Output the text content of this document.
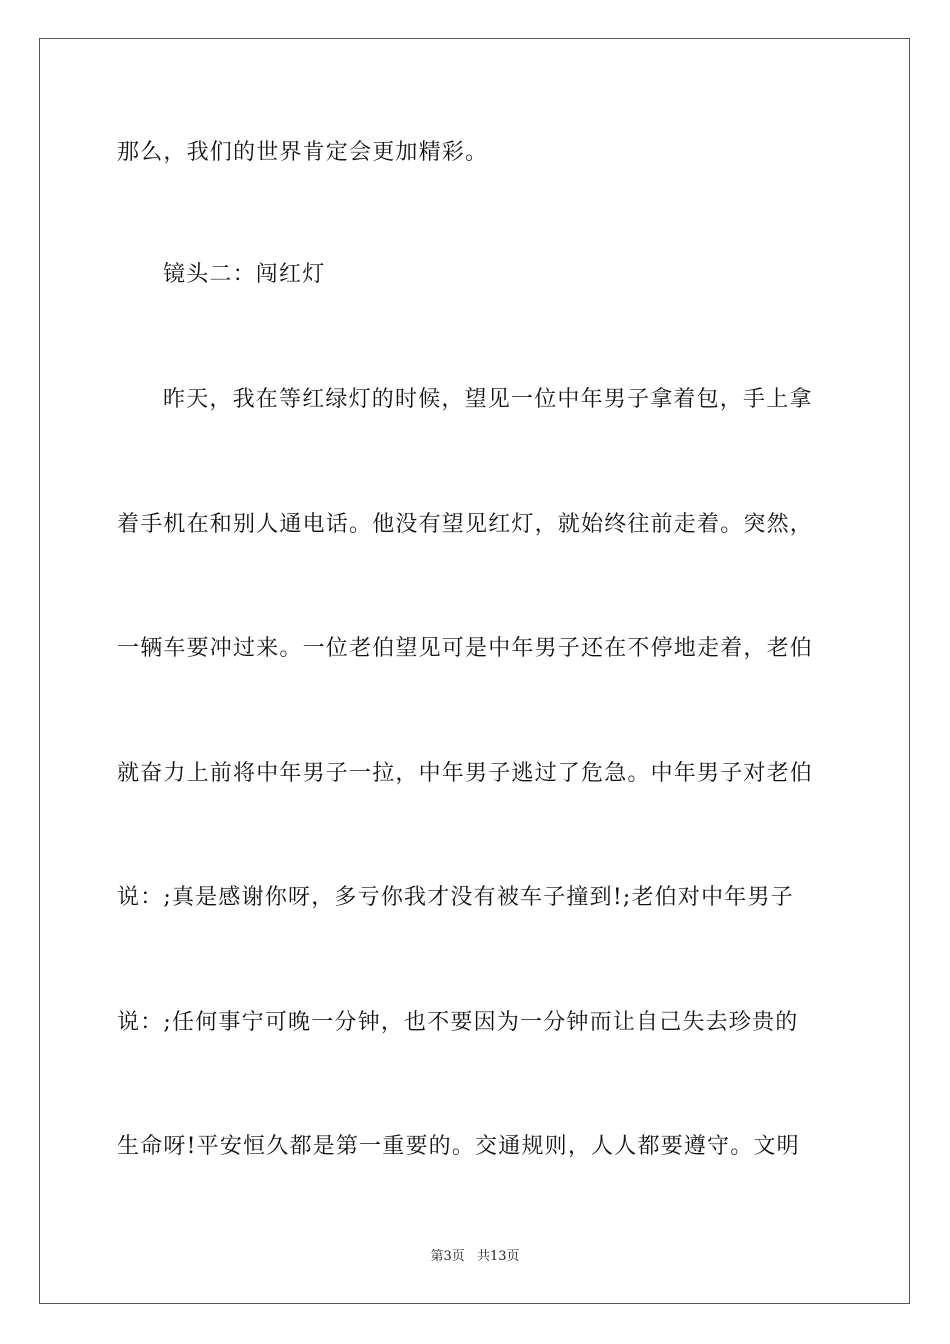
那么，我们的世界肯定会更加精彩。
镜头二：闯红灯
昨天，我在等红绿灯的时候，望见一位中年男子拿着包，手上拿
着手机在和别人通电话。他没有望见红灯，就始终往前走着。突然，
一辆车要冲过来。一位老伯望见可是中年男子还在不停地走着，老伯
就奋力上前将中年男子一拉，中年男子逃过了危急。中年男子对老伯
说：;真是感谢你呀，多亏你我才没有被车子撞到!;老伯对中年男子
说：;任何事宁可晚一分钟，也不要因为一分钟而让自己失去珍贵的
生命呀!平安恒久都是第一重要的。交通规则，人人都要遵守。文明
第3页 共13页
